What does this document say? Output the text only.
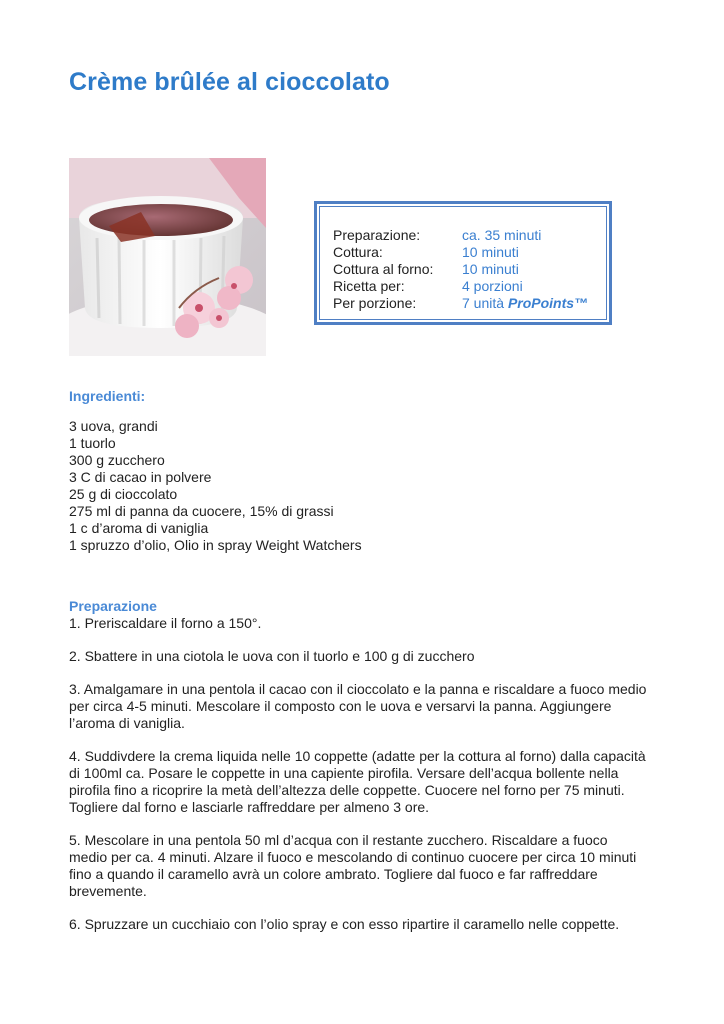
Crème brûlée al cioccolato
Preparazione:	ca. 35 minuti
Cottura:	10 minuti
Cottura al forno:	10 minuti
Ricetta per:	4 porzioni
Per porzione:	7 unità ProPoints™
Ingredienti:
3 uova, grandi
1 tuorlo
300 g zucchero
3 C di cacao in polvere
25 g di cioccolato
275 ml di panna da cuocere, 15% di grassi
1 c d’aroma di vaniglia
1 spruzzo d’olio, Olio in spray Weight Watchers
Preparazione

1. Preriscaldare il forno a 150°.

2. Sbattere in una ciotola le uova con il tuorlo e 100 g di zucchero

3. Amalgamare in una pentola il cacao con il cioccolato e la panna e riscaldare a fuoco medio per circa 4-5 minuti. Mescolare il composto con le uova e versarvi la panna. Aggiungere l’aroma di vaniglia.

4. Suddivdere la crema liquida nelle 10 coppette (adatte per la cottura al forno) dalla capacità di 100ml ca. Posare le coppette in una capiente pirofila. Versare dell’acqua bollente nella pirofila fino a ricoprire la metà dell’altezza delle coppette. Cuocere nel forno per 75 minuti. Togliere dal forno e lasciarle raffreddare per almeno 3 ore.

5. Mescolare in una pentola 50 ml d’acqua con il restante zucchero. Riscaldare a fuoco medio per ca. 4 minuti. Alzare il fuoco e mescolando di continuo cuocere per circa 10 minuti fino a quando il caramello avrà un colore ambrato. Togliere dal fuoco e far raffreddare brevemente.

6. Spruzzare un cucchiaio con l’olio spray e con esso ripartire il caramello nelle coppette.
